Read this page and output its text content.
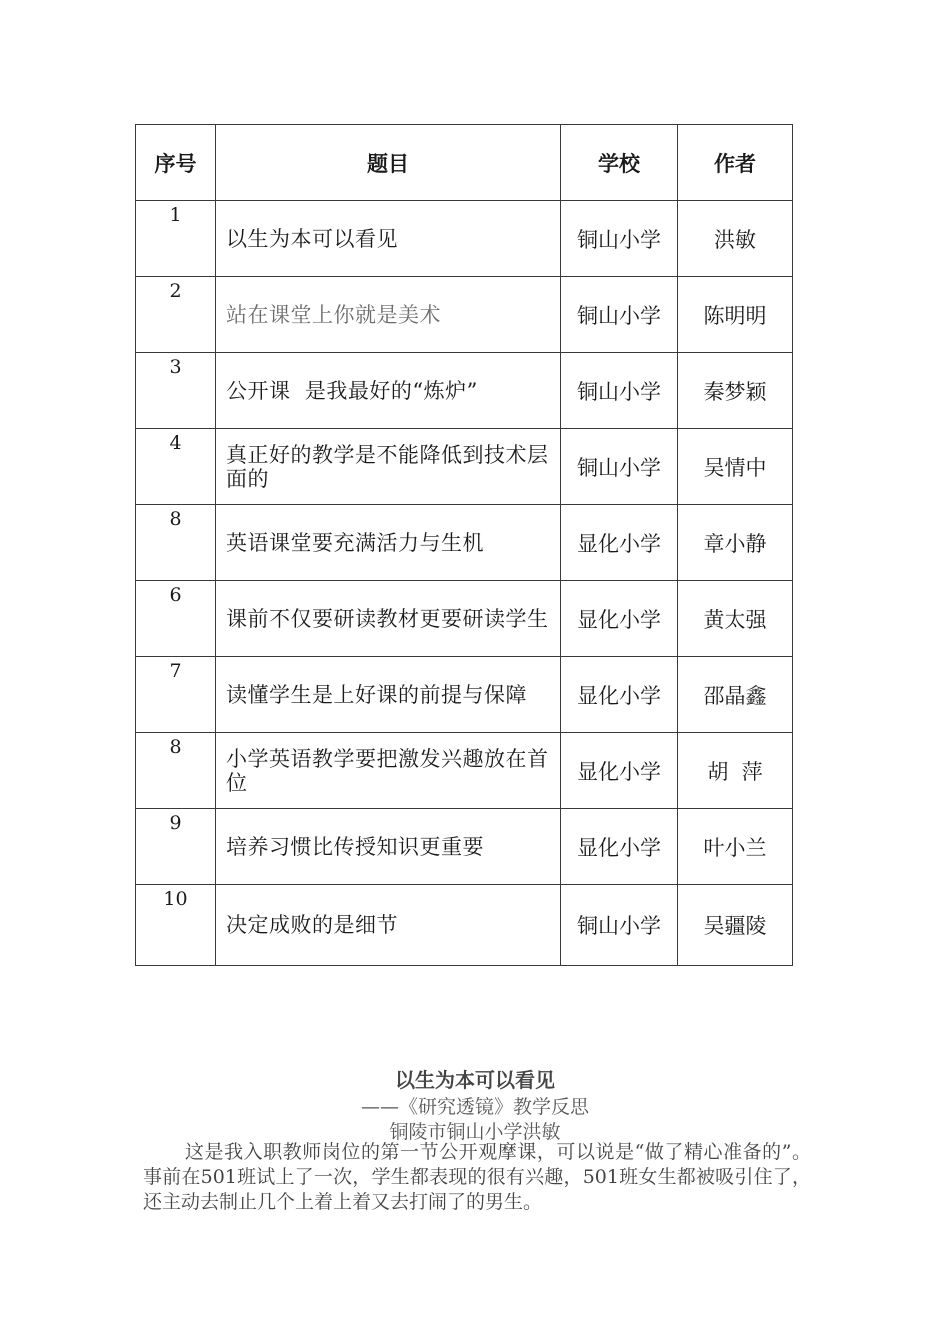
序号	题目	学校	作者
1	以生为本可以看见	铜山小学	洪敏
2	站在课堂上你就是美术	铜山小学	陈明明
3	公开课  是我最好的“炼炉”	铜山小学	秦梦颖
4	真正好的教学是不能降低到技术层面的	铜山小学	吴情中
8	英语课堂要充满活力与生机	显化小学	章小静
6	课前不仅要研读教材更要研读学生	显化小学	黄太强
7	读懂学生是上好课的前提与保障	显化小学	邵晶鑫
8	小学英语教学要把激发兴趣放在首位	显化小学	胡  萍
9	培养习惯比传授知识更重要	显化小学	叶小兰
10	决定成败的是细节	铜山小学	吴疆陵
以生为本可以看见
——《研究透镜》教学反思
铜陵市铜山小学洪敏
这是我入职教师岗位的第一节公开观摩课，可以说是“做了精心准备的”。事前在501班试上了一次，学生都表现的很有兴趣，501班女生都被吸引住了，还主动去制止几个上着上着又去打闹了的男生。
